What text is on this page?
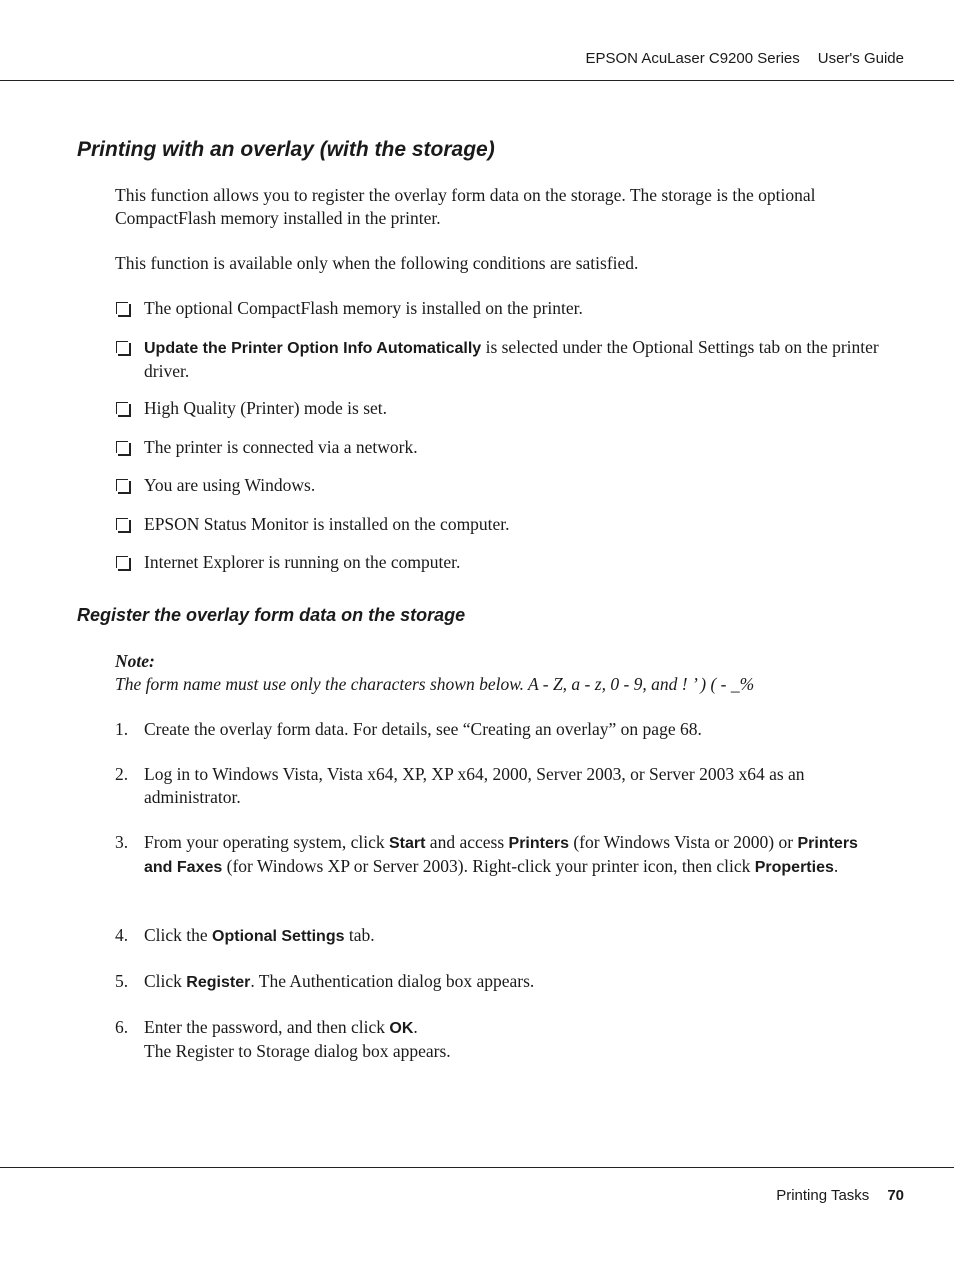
EPSON AcuLaser C9200 Series User's Guide
Printing with an overlay (with the storage)
This function allows you to register the overlay form data on the storage. The storage is the optional CompactFlash memory installed in the printer.
This function is available only when the following conditions are satisfied.
The optional CompactFlash memory is installed on the printer.
Update the Printer Option Info Automatically is selected under the Optional Settings tab on the printer driver.
High Quality (Printer) mode is set.
The printer is connected via a network.
You are using Windows.
EPSON Status Monitor is installed on the computer.
Internet Explorer is running on the computer.
Register the overlay form data on the storage
Note:
The form name must use only the characters shown below. A - Z, a - z, 0 - 9, and ! ’ ) ( - _%
1. Create the overlay form data. For details, see “Creating an overlay” on page 68.
2. Log in to Windows Vista, Vista x64, XP, XP x64, 2000, Server 2003, or Server 2003 x64 as an administrator.
3. From your operating system, click Start and access Printers (for Windows Vista or 2000) or Printers and Faxes (for Windows XP or Server 2003). Right-click your printer icon, then click Properties.
4. Click the Optional Settings tab.
5. Click Register. The Authentication dialog box appears.
6. Enter the password, and then click OK.
The Register to Storage dialog box appears.
Printing Tasks 70
